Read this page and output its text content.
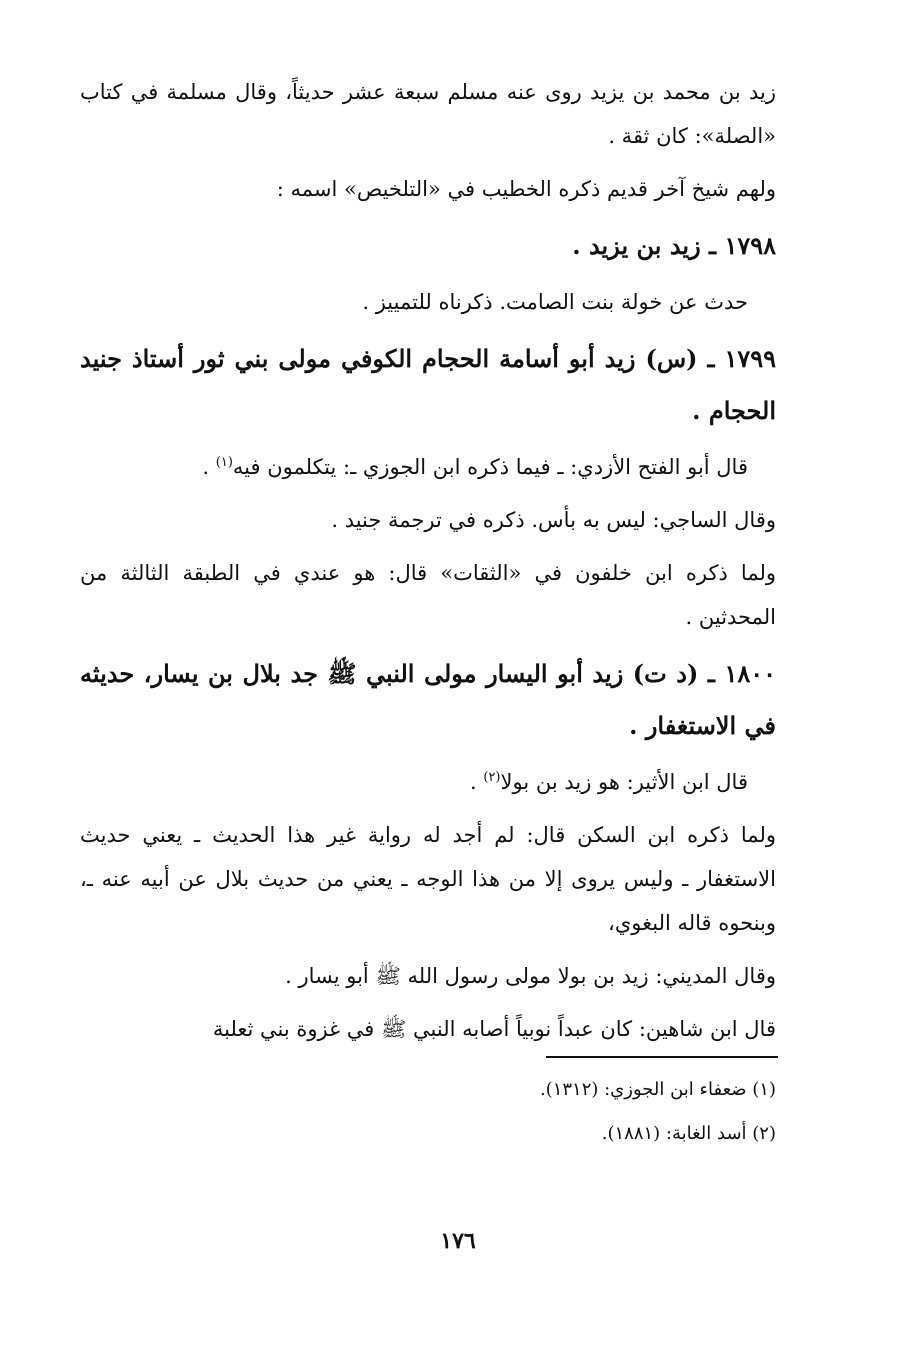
زيد بن محمد بن يزيد روى عنه مسلم سبعة عشر حديثاً، وقال مسلمة في كتاب «الصلة»: كان ثقة .

ولهم شيخ آخر قديم ذكره الخطيب في «التلخيص» اسمه :

١٧٩٨ ـ زيد بن يزيد .

حدث عن خولة بنت الصامت. ذكرناه للتمييز .

١٧٩٩ ـ (س) زيد أبو أسامة الحجام الكوفي مولى بني ثور أستاذ جنيد الحجام .

قال أبو الفتح الأزدي: ـ فيما ذكره ابن الجوزي ـ: يتكلمون فيه$^{(١)}$ .

وقال الساجي: ليس به بأس. ذكره في ترجمة جنيد .

ولما ذكره ابن خلفون في «الثقات» قال: هو عندي في الطبقة الثالثة من المحدثين .

١٨٠٠ ـ (د ت) زيد أبو اليسار مولى النبي ﷺ جد بلال بن يسار، حديثه في الاستغفار .

قال ابن الأثير: هو زيد بن بولا$^{(٢)}$ .

ولما ذكره ابن السكن قال: لم أجد له رواية غير هذا الحديث ـ يعني حديث الاستغفار ـ وليس يروى إلا من هذا الوجه ـ يعني من حديث بلال عن أبيه عنه ـ، وبنحوه قاله البغوي،

وقال المديني: زيد بن بولا مولى رسول الله ﷺ أبو يسار .

قال ابن شاهين: كان عبداً نوبياً أصابه النبي ﷺ في غزوة بني ثعلبة

(١) ضعفاء ابن الجوزي: (١٣١٢).
(٢) أسد الغابة: (١٨٨١).
١٧٦
